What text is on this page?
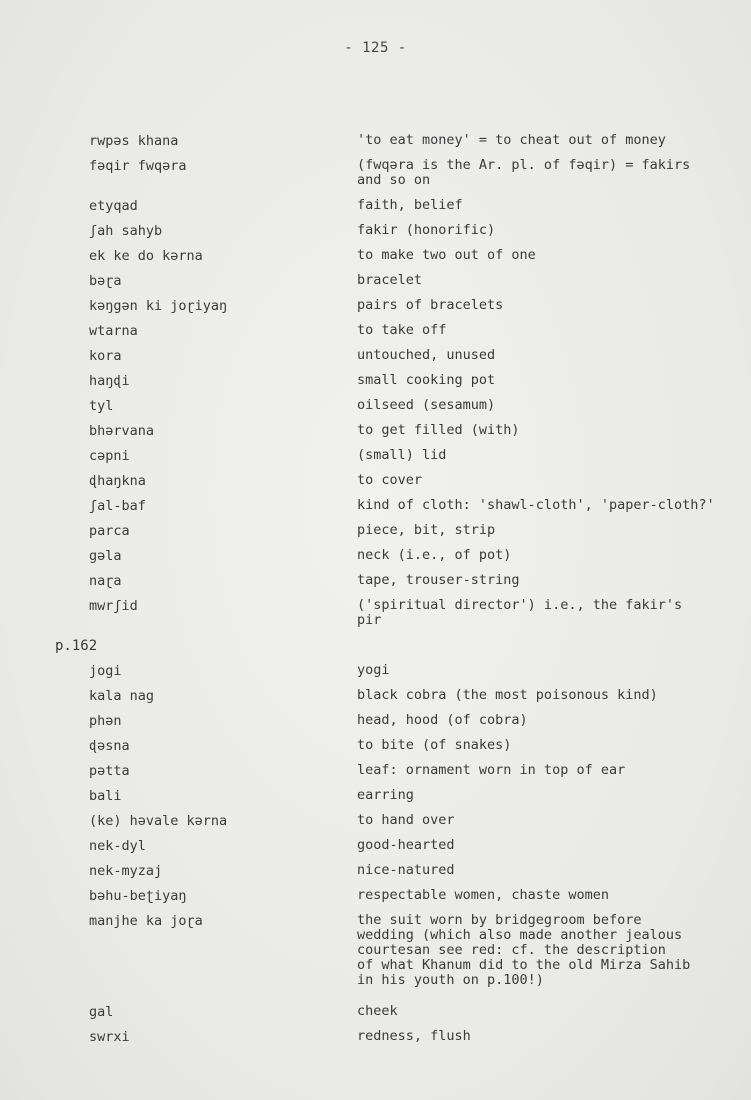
- 125 -
rwpəs khana	'to eat money' = to cheat out of money
fəqir fwqəra	(fwqəra is the Ar. pl. of fəqir) = fakirs
and so on
etyqad	faith, belief
ʃah sahyb	fakir (honorific)
ek ke do kərna	to make two out of one
bəɽa	bracelet
kəŋgən ki joɽiyaŋ	pairs of bracelets
wtarna	to take off
kora	untouched, unused
haŋɖi	small cooking pot
tyl	oilseed (sesamum)
bhərvana	to get filled (with)
cəpni	(small) lid
ɖhaŋkna	to cover
ʃal-baf	kind of cloth: 'shawl-cloth', 'paper-cloth?'
parca	piece, bit, strip
gəla	neck (i.e., of pot)
naɽa	tape, trouser-string
mwrʃid	('spiritual director') i.e., the fakir's
pir
p.162
jogi	yogi
kala nag	black cobra (the most poisonous kind)
phən	head, hood (of cobra)
ɖəsna	to bite (of snakes)
pətta	leaf: ornament worn in top of ear
bali	earring
(ke) həvale kərna	to hand over
nek-dyl	good-hearted
nek-myzaj	nice-natured
bəhu-beʈiyaŋ	respectable women, chaste women
manjhe ka joɽa	the suit worn by bridgegroom before
wedding (which also made another jealous
courtesan see red: cf. the description
of what Khanum did to the old Mirza Sahib
in his youth on p.100!)
gal	cheek
swrxi	redness, flush
